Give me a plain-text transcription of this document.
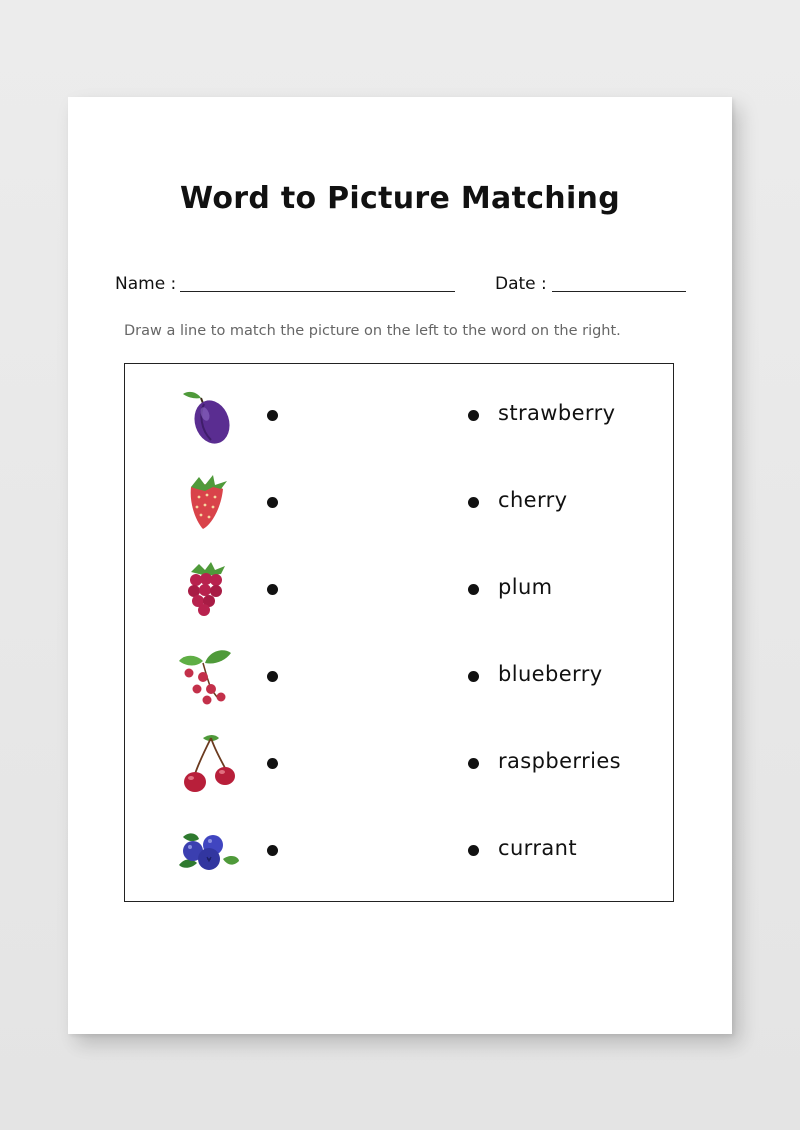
Word to Picture Matching
Name :	Date :
Draw a line to match the picture on the left to the word on the right.
strawberry
cherry
plum
blueberry
raspberries
currant
